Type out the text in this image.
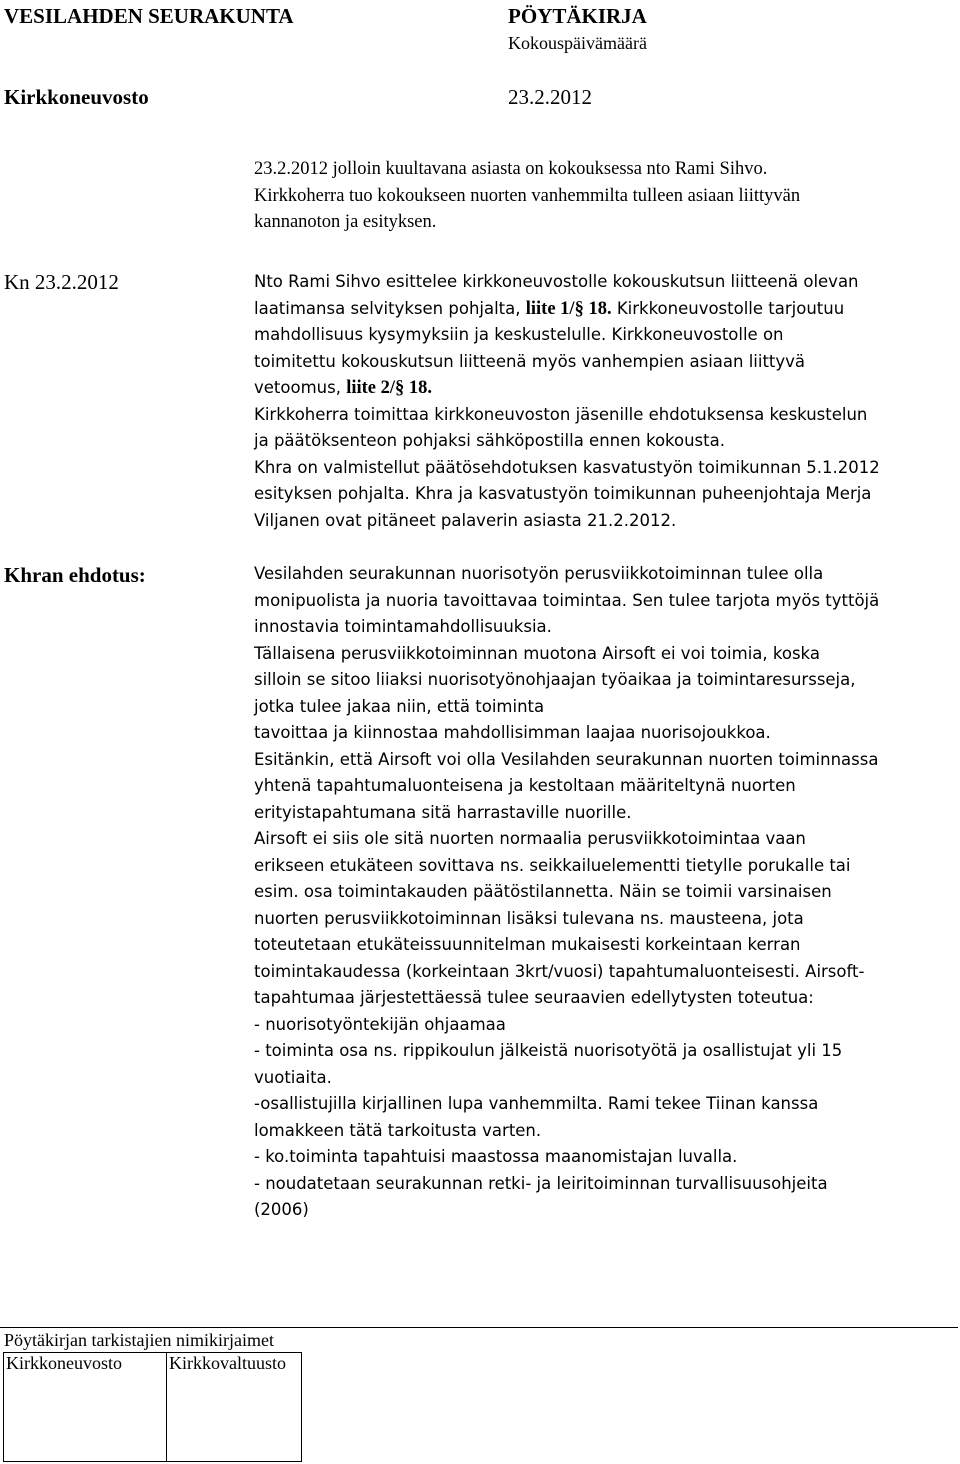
VESILAHDEN SEURAKUNTA	PÖYTÄKIRJA
Kokouspäivämäärä
Kirkkoneuvosto	23.2.2012

23.2.2012 jolloin kuultavana asiasta on kokouksessa nto Rami Sihvo.

Kirkkoherra tuo kokoukseen nuorten vanhemmilta tulleen asiaan liittyvän

kannanoton ja esityksen.

Kn 23.2.2012	Nto Rami Sihvo esittelee kirkkoneuvostolle kokouskutsun liitteenä olevan

laatimansa selvityksen pohjalta, liite 1/§ 18. Kirkkoneuvostolle tarjoutuu

mahdollisuus kysymyksiin ja keskustelulle. Kirkkoneuvostolle on

toimitettu kokouskutsun liitteenä myös vanhempien asiaan liittyvä

vetoomus, liite 2/§ 18.

Kirkkoherra toimittaa kirkkoneuvoston jäsenille ehdotuksensa keskustelun

ja päätöksenteon pohjaksi sähköpostilla ennen kokousta.

Khra on valmistellut päätösehdotuksen kasvatustyön toimikunnan 5.1.2012

esityksen pohjalta. Khra ja kasvatustyön toimikunnan puheenjohtaja Merja

Viljanen ovat pitäneet palaverin asiasta 21.2.2012.

Khran ehdotus:	Vesilahden seurakunnan nuorisotyön perusviikkotoiminnan tulee olla

monipuolista ja nuoria tavoittavaa toimintaa. Sen tulee tarjota myös tyttöjä

innostavia toimintamahdollisuuksia.

Tällaisena perusviikkotoiminnan muotona Airsoft ei voi toimia, koska

silloin se sitoo liiaksi nuorisotyönohjaajan työaikaa ja toimintaresursseja,

jotka tulee jakaa niin, että toiminta

tavoittaa ja kiinnostaa mahdollisimman laajaa nuorisojoukkoa.

Esitänkin, että Airsoft voi olla Vesilahden seurakunnan nuorten toiminnassa

yhtenä tapahtumaluonteisena ja kestoltaan määriteltynä nuorten

erityistapahtumana sitä harrastaville nuorille.

Airsoft ei siis ole sitä nuorten normaalia perusviikkotoimintaa vaan

erikseen etukäteen sovittava ns. seikkailuelementti tietylle porukalle tai

esim. osa toimintakauden päätöstilannetta. Näin se toimii varsinaisen

nuorten perusviikkotoiminnan lisäksi tulevana ns. mausteena, jota

toteutetaan etukäteissuunnitelman mukaisesti korkeintaan kerran

toimintakaudessa (korkeintaan 3krt/vuosi) tapahtumaluonteisesti. Airsoft-

tapahtumaa järjestettäessä tulee seuraavien edellytysten toteutua:

- nuorisotyöntekijän ohjaamaa

- toiminta osa ns. rippikoulun jälkeistä nuorisotyötä ja osallistujat yli 15

vuotiaita.

-osallistujilla kirjallinen lupa vanhemmilta. Rami tekee Tiinan kanssa

lomakkeen tätä tarkoitusta varten.

- ko.toiminta tapahtuisi maastossa maanomistajan luvalla.

- noudatetaan seurakunnan retki- ja leiritoiminnan turvallisuusohjeita

(2006)

Pöytäkirjan tarkistajien nimikirjaimet
Kirkkoneuvosto	Kirkkovaltuusto
